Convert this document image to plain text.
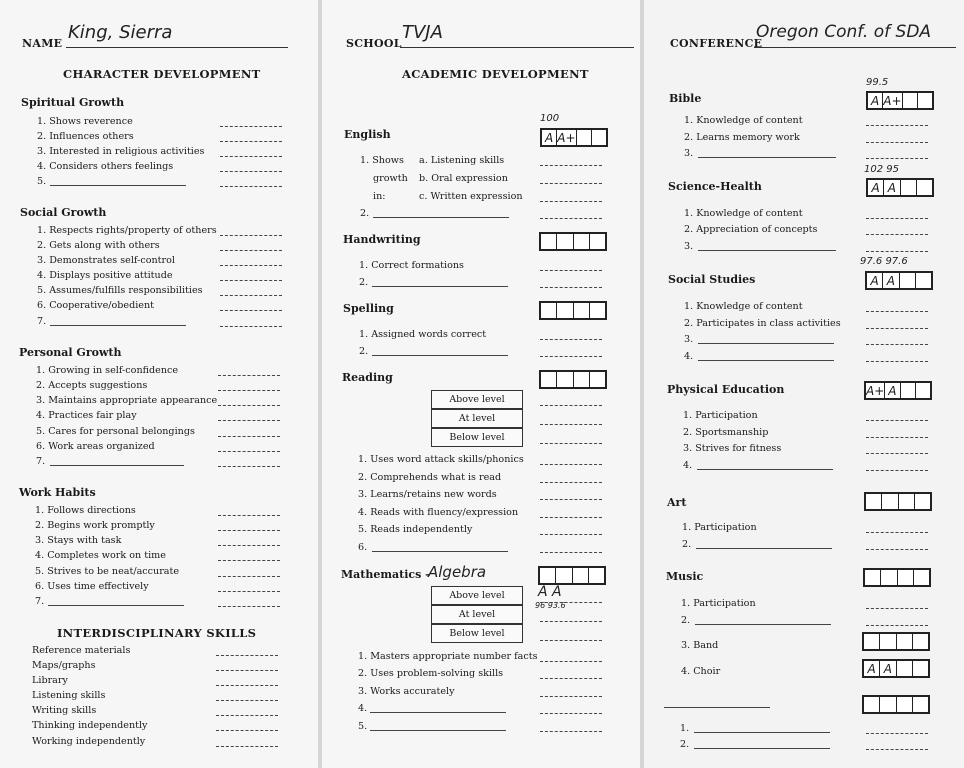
NAME
King, Sierra
CHARACTER DEVELOPMENT
Spiritual Growth
1. Shows reverence
2. Influences others
3. Interested in religious activities
4. Considers others feelings
5.
Social Growth
1. Respects rights/property of others
2. Gets along with others
3. Demonstrates self-control
4. Displays positive attitude
5. Assumes/fulfills responsibilities
6. Cooperative/obedient
7.
Personal Growth
1. Growing in self-confidence
2. Accepts suggestions
3. Maintains appropriate appearance
4. Practices fair play
5. Cares for personal belongings
6. Work areas organized
7.
Work Habits
1. Follows directions
2. Begins work promptly
3. Stays with task
4. Completes work on time
5. Strives to be neat/accurate
6. Uses time effectively
7.
INTERDISCIPLINARY SKILLS
Reference materials
Maps/graphs
Library
Listening skills
Writing skills
Thinking independently
Working independently
SCHOOL
TVJA
ACADEMIC DEVELOPMENT
English
100
A A+
1. Shows
growth
in:
a. Listening skills
b. Oral expression
c. Written expression
2.
Handwriting
1. Correct formations
2.
Spelling
1. Assigned words correct
2.
Reading
Above level
At level
Below level
1. Uses word attack skills/phonics
2. Comprehends what is read
3. Learns/retains new words
4. Reads with fluency/expression
5. Reads independently
6.
Mathematics –
Algebra
Above level
At level
Below level
A A
96 93.6
1. Masters appropriate number facts
2. Uses problem-solving skills
3. Works accurately
4.
5.
CONFERENCE
Oregon Conf. of SDA
Bible
99.5
A A+
1. Knowledge of content
2. Learns memory work
3.
Science-Health
102 95
A A
1. Knowledge of content
2. Appreciation of concepts
3.
Social Studies
97.6 97.6
A A
1. Knowledge of content
2. Participates in class activities
3.
4.
Physical Education	A+ A
1. Participation
2. Sportsmanship
3. Strives for fitness
4.
Art
1. Participation
2.
Music
1. Participation
2.
3. Band
4. Choir	A A
1.
2.
